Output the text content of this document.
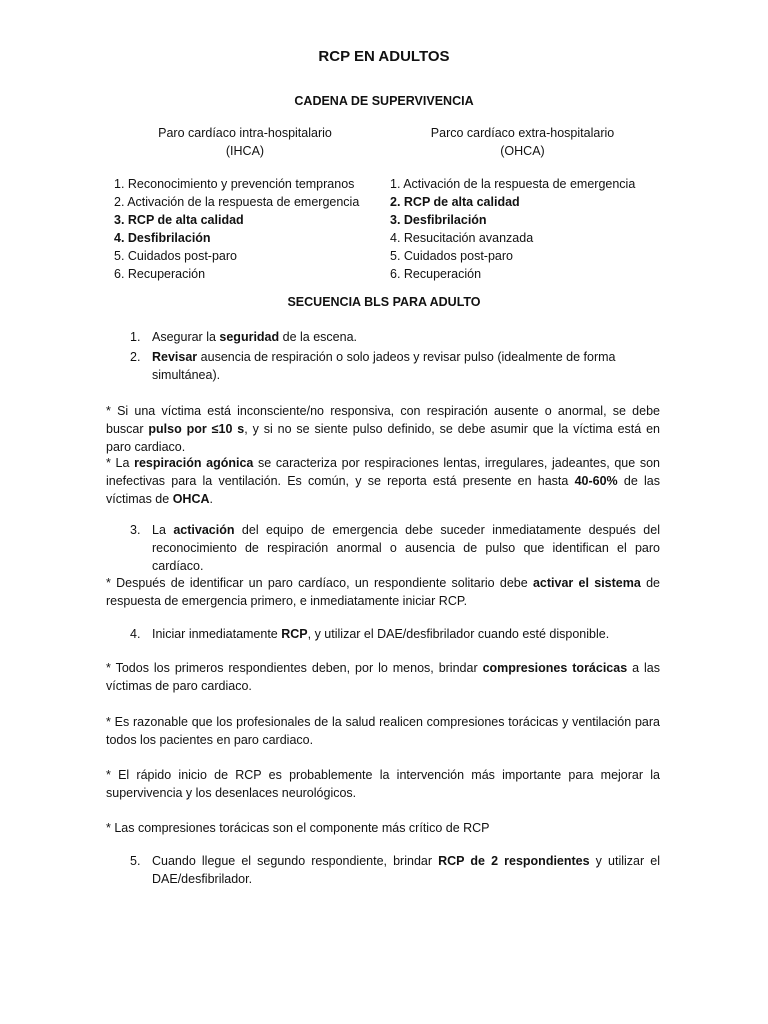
RCP EN ADULTOS
CADENA DE SUPERVIVENCIA
Paro cardíaco intra-hospitalario
(IHCA)
1. Reconocimiento y prevención tempranos
2. Activación de la respuesta de emergencia
3. RCP de alta calidad
4. Desfibrilación
5. Cuidados post-paro
6. Recuperación
Parco cardíaco extra-hospitalario
(OHCA)
1. Activación de la respuesta de emergencia
2. RCP de alta calidad
3. Desfibrilación
4. Resucitación avanzada
5. Cuidados post-paro
6. Recuperación
SECUENCIA BLS PARA ADULTO
1. Asegurar la seguridad de la escena.
2. Revisar ausencia de respiración o solo jadeos y revisar pulso (idealmente de forma simultánea).
* Si una víctima está inconsciente/no responsiva, con respiración ausente o anormal, se debe buscar pulso por ≤10 s, y si no se siente pulso definido, se debe asumir que la víctima está en paro cardiaco.
* La respiración agónica se caracteriza por respiraciones lentas, irregulares, jadeantes, que son inefectivas para la ventilación. Es común, y se reporta está presente en hasta 40-60% de las víctimas de OHCA.
3. La activación del equipo de emergencia debe suceder inmediatamente después del reconocimiento de respiración anormal o ausencia de pulso que identifican el paro cardíaco.
* Después de identificar un paro cardíaco, un respondiente solitario debe activar el sistema de respuesta de emergencia primero, e inmediatamente iniciar RCP.
4. Iniciar inmediatamente RCP, y utilizar el DAE/desfibrilador cuando esté disponible.
* Todos los primeros respondientes deben, por lo menos, brindar compresiones torácicas a las víctimas de paro cardiaco.
* Es razonable que los profesionales de la salud realicen compresiones torácicas y ventilación para todos los pacientes en paro cardiaco.
* El rápido inicio de RCP es probablemente la intervención más importante para mejorar la supervivencia y los desenlaces neurológicos.
* Las compresiones torácicas son el componente más crítico de RCP
5. Cuando llegue el segundo respondiente, brindar RCP de 2 respondientes y utilizar el DAE/desfibrilador.
